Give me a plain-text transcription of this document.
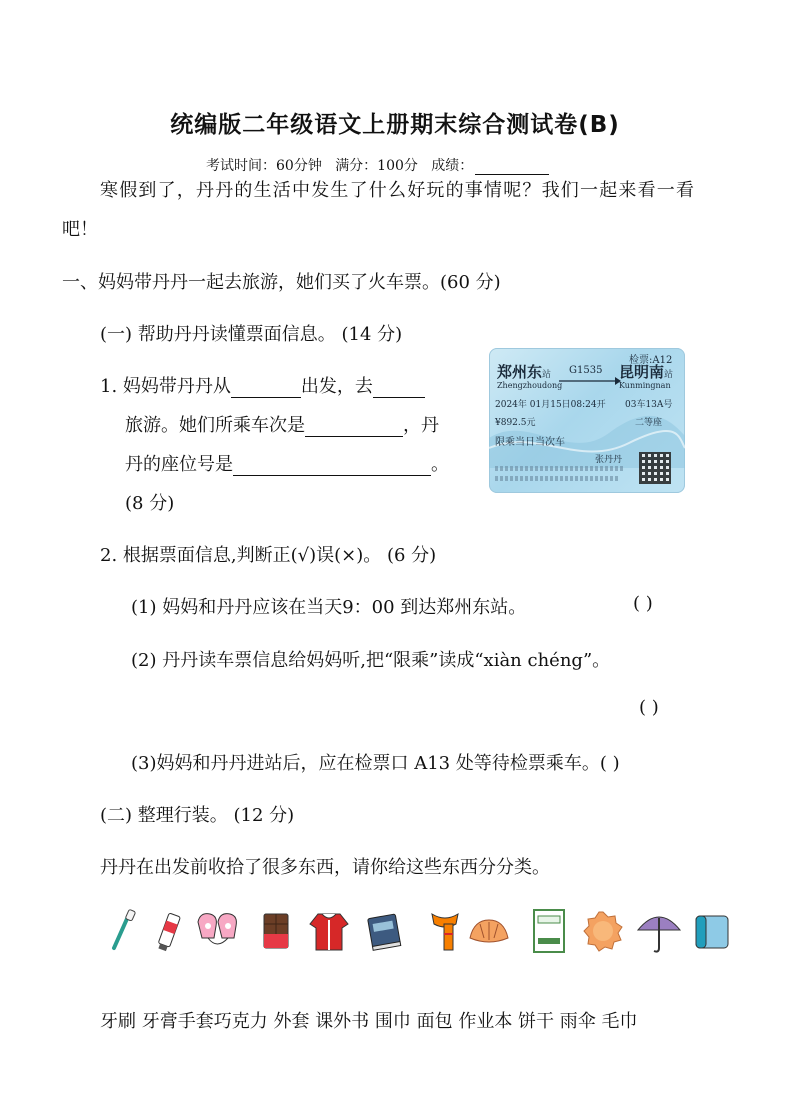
统编版二年级语文上册期末综合测试卷(B)
考试时间：60分钟 满分：100分 成绩：
寒假到了，丹丹的生活中发生了什么好玩的事情呢？我们一起来看一看
吧！
一、妈妈带丹丹一起去旅游，她们买了火车票。(60 分)
(一) 帮助丹丹读懂票面信息。 (14 分)
1. 妈妈带丹丹从	出发，去
旅游。她们所乘车次是	，丹
丹的座位号是	。
(8 分)
检票:A12
郑州东站
Zhengzhoudong
G1535 昆明南站
Kunmingnan
2024年 01月15日08:24开 03车13A号
¥892.5元	二等座
限乘当日当次车
张丹丹
2. 根据票面信息,判断正(√)误(×)。 (6 分)
(1) 妈妈和丹丹应该在当天9：00 到达郑州东站。	( )
(2) 丹丹读车票信息给妈妈听,把“限乘”读成“xiàn chéng”。
( )
(3)妈妈和丹丹进站后，应在检票口 A13 处等待检票乘车。( )
(二) 整理行装。 (12 分)
丹丹在出发前收拾了很多东西，请你给这些东西分分类。
牙刷 牙膏手套巧克力 外套 课外书 围巾 面包 作业本 饼干 雨伞 毛巾
